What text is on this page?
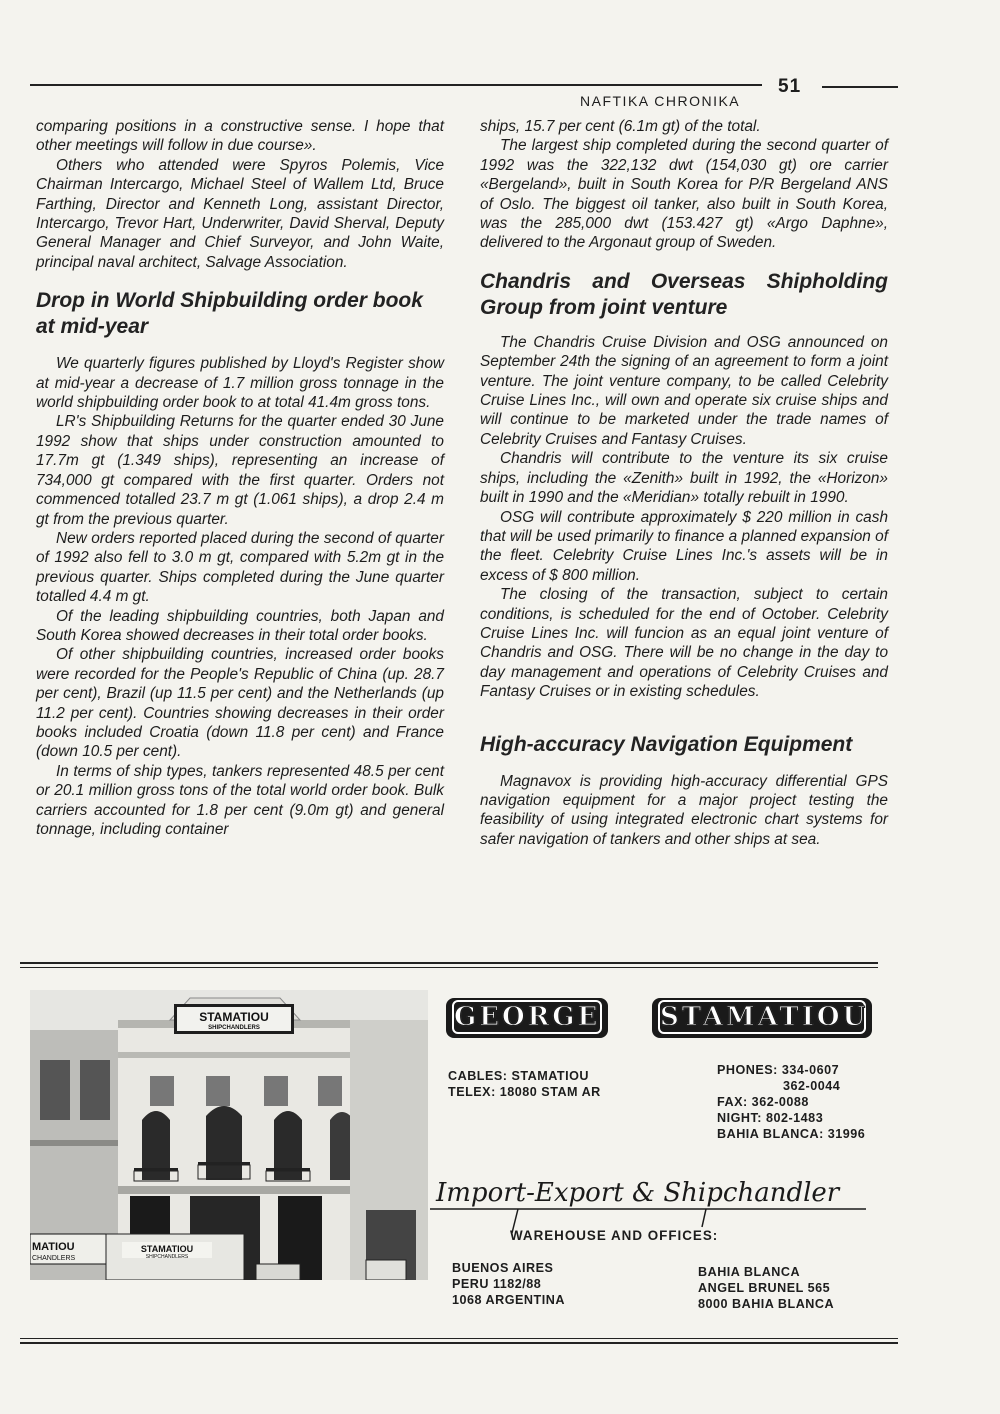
51
NAFTIKA CHRONIKA

comparing positions in a constructive sense. I hope that other meetings will follow in due course».

Others who attended were Spyros Polemis, Vice Chairman Intercargo, Michael Steel of Wallem Ltd, Bruce Farthing, Director and Kenneth Long, assistant Director, Intercargo, Trevor Hart, Underwriter, David Sherval, Deputy General Manager and Chief Surveyor, and John Waite, principal naval architect, Salvage Association.

Drop in World Shipbuilding order book at mid-year

We quarterly figures published by Lloyd's Register show at mid-year a decrease of 1.7 million gross tonnage in the world shipbuilding order book to at total 41.4m gross tons.

LR's Shipbuilding Returns for the quarter ended 30 June 1992 show that ships under construction amounted to 17.7m gt (1.349 ships), representing an increase of 734,000 gt compared with the first quarter. Orders not commenced totalled 23.7 m gt (1.061 ships), a drop 2.4 m gt from the previous quarter.

New orders reported placed during the second of quarter of 1992 also fell to 3.0 m gt, compared with 5.2m gt in the previous quarter. Ships completed during the June quarter totalled 4.4 m gt.

Of the leading shipbuilding countries, both Japan and South Korea showed decreases in their total order books.

Of other shipbuilding countries, increased order books were recorded for the People's Republic of China (up. 28.7 per cent), Brazil (up 11.5 per cent) and the Netherlands (up 11.2 per cent). Countries showing decreases in their order books included Croatia (down 11.8 per cent) and France (down 10.5 per cent).

In terms of ship types, tankers represented 48.5 per cent or 20.1 million gross tons of the total world order book. Bulk carriers accounted for 1.8 per cent (9.0m gt) and general tonnage, including container

ships, 15.7 per cent (6.1m gt) of the total.

The largest ship completed during the second quarter of 1992 was the 322,132 dwt (154,030 gt) ore carrier «Bergeland», built in South Korea for P/R Bergeland ANS of Oslo. The biggest oil tanker, also built in South Korea, was the 285,000 dwt (153.427 gt) «Argo Daphne», delivered to the Argonaut group of Sweden.

Chandris and Overseas Shipholding Group from joint venture

The Chandris Cruise Division and OSG announced on September 24th the signing of an agreement to form a joint venture. The joint venture company, to be called Celebrity Cruise Lines Inc., will own and operate six cruise ships and will continue to be marketed under the trade names of Celebrity Cruises and Fantasy Cruises.

Chandris will contribute to the venture its six cruise ships, including the «Zenith» built in 1992, the «Horizon» built in 1990 and the «Meridian» totally rebuilt in 1990.

OSG will contribute approximately $ 220 million in cash that will be used primarily to finance a planned expansion of the fleet. Celebrity Cruise Lines Inc.'s assets will be in excess of $ 800 million.

The closing of the transaction, subject to certain conditions, is scheduled for the end of October. Celebrity Cruise Lines Inc. will funcion as an equal joint venture of Chandris and OSG. There will be no change in the day to day management and operations of Celebrity Cruises and Fantasy Cruises or in existing schedules.

High-accuracy Navigation Equipment

Magnavox is providing high-accuracy differential GPS navigation equipment for a major project testing the feasibility of using integrated electronic chart systems for safer navigation of tankers and other ships at sea.

STAMATIOU
SHIPCHANDLERS
MATIOU
CHANDLERS
STAMATIOU
SHIPCHANDLERS
GEORGE STAMATIOU
CABLES: STAMATIOU
TELEX: 18080 STAM AR
PHONES: 334-0607
362-0044
FAX: 362-0088
NIGHT: 802-1483
BAHIA BLANCA: 31996
Import-Export & Shipchandler
WAREHOUSE AND OFFICES:
BUENOS AIRES
PERU 1182/88
1068 ARGENTINA
BAHIA BLANCA
ANGEL BRUNEL 565
8000 BAHIA BLANCA
